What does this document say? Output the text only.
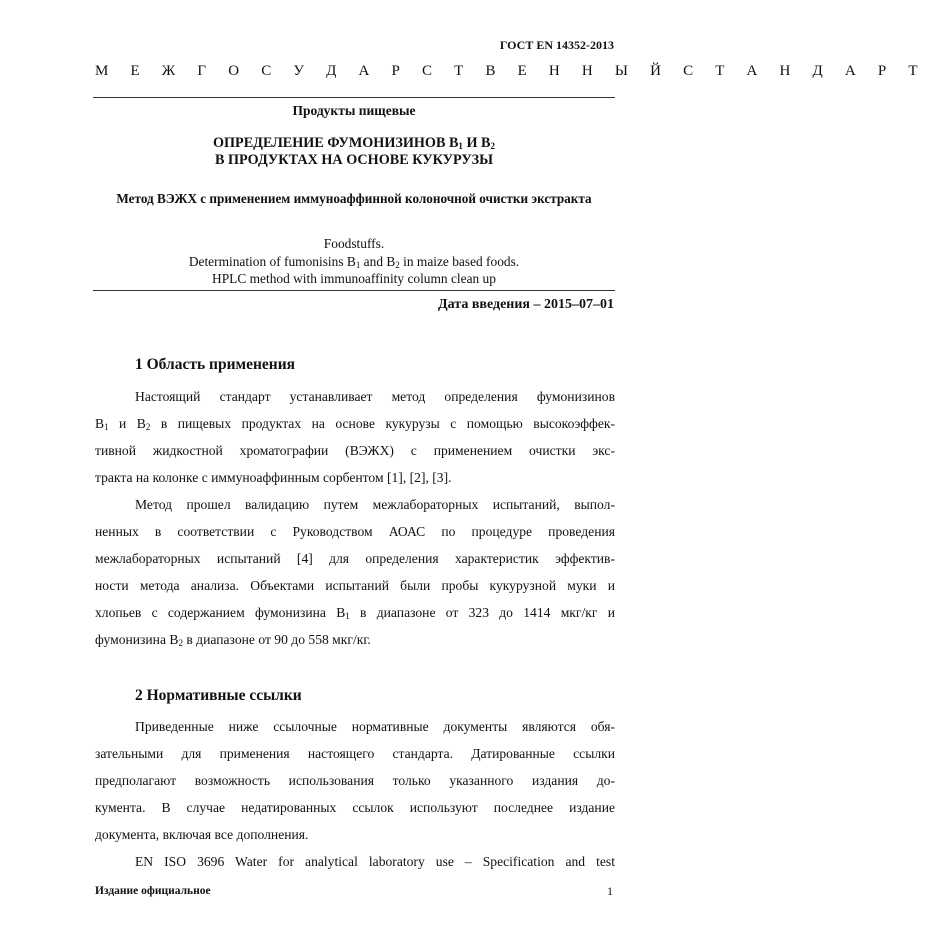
ГОСТ EN 14352-2013
М Е Ж Г О С У Д А Р С Т В Е Н Н Ы Й С Т А Н Д А Р Т
Продукты пищевые
ОПРЕДЕЛЕНИЕ ФУМОНИЗИНОВ $В_1$ И $В_2$
В ПРОДУКТАХ НА ОСНОВЕ КУКУРУЗЫ
Метод ВЭЖХ с применением иммуноаффинной колоночной очистки экстракта
Foodstuffs.
Determination of fumonisins $B_1$ and $B_2$ in maize based foods.
HPLC method with immunoaffinity column clean up
Дата введения – 2015–07–01
1 Область применения
Настоящий стандарт устанавливает метод определения фумонизинов
$B_1$ и $B_2$ в пищевых продуктах на основе кукурузы с помощью высокоэффек-
тивной жидкостной хроматографии (ВЭЖХ) с применением очистки экс-
тракта на колонке с иммуноаффинным сорбентом [1], [2], [3].
Метод прошел валидацию путем межлабораторных испытаний, выпол-
ненных в соответствии с Руководством АОАС по процедуре проведения
межлабораторных испытаний [4] для определения характеристик эффектив-
ности метода анализа. Объектами испытаний были пробы кукурузной муки и
хлопьев с содержанием фумонизина $B_1$ в диапазоне от 323 до 1414 мкг/кг и
фумонизина $B_2$ в диапазоне от 90 до 558 мкг/кг.
2 Нормативные ссылки
Приведенные ниже ссылочные нормативные документы являются обя-
зательными для применения настоящего стандарта. Датированные ссылки
предполагают возможность использования только указанного издания до-
кумента. В случае недатированных ссылок используют последнее издание
документа, включая все дополнения.
EN ISO 3696 Water for analytical laboratory use – Specification and test
Издание официальное	1
